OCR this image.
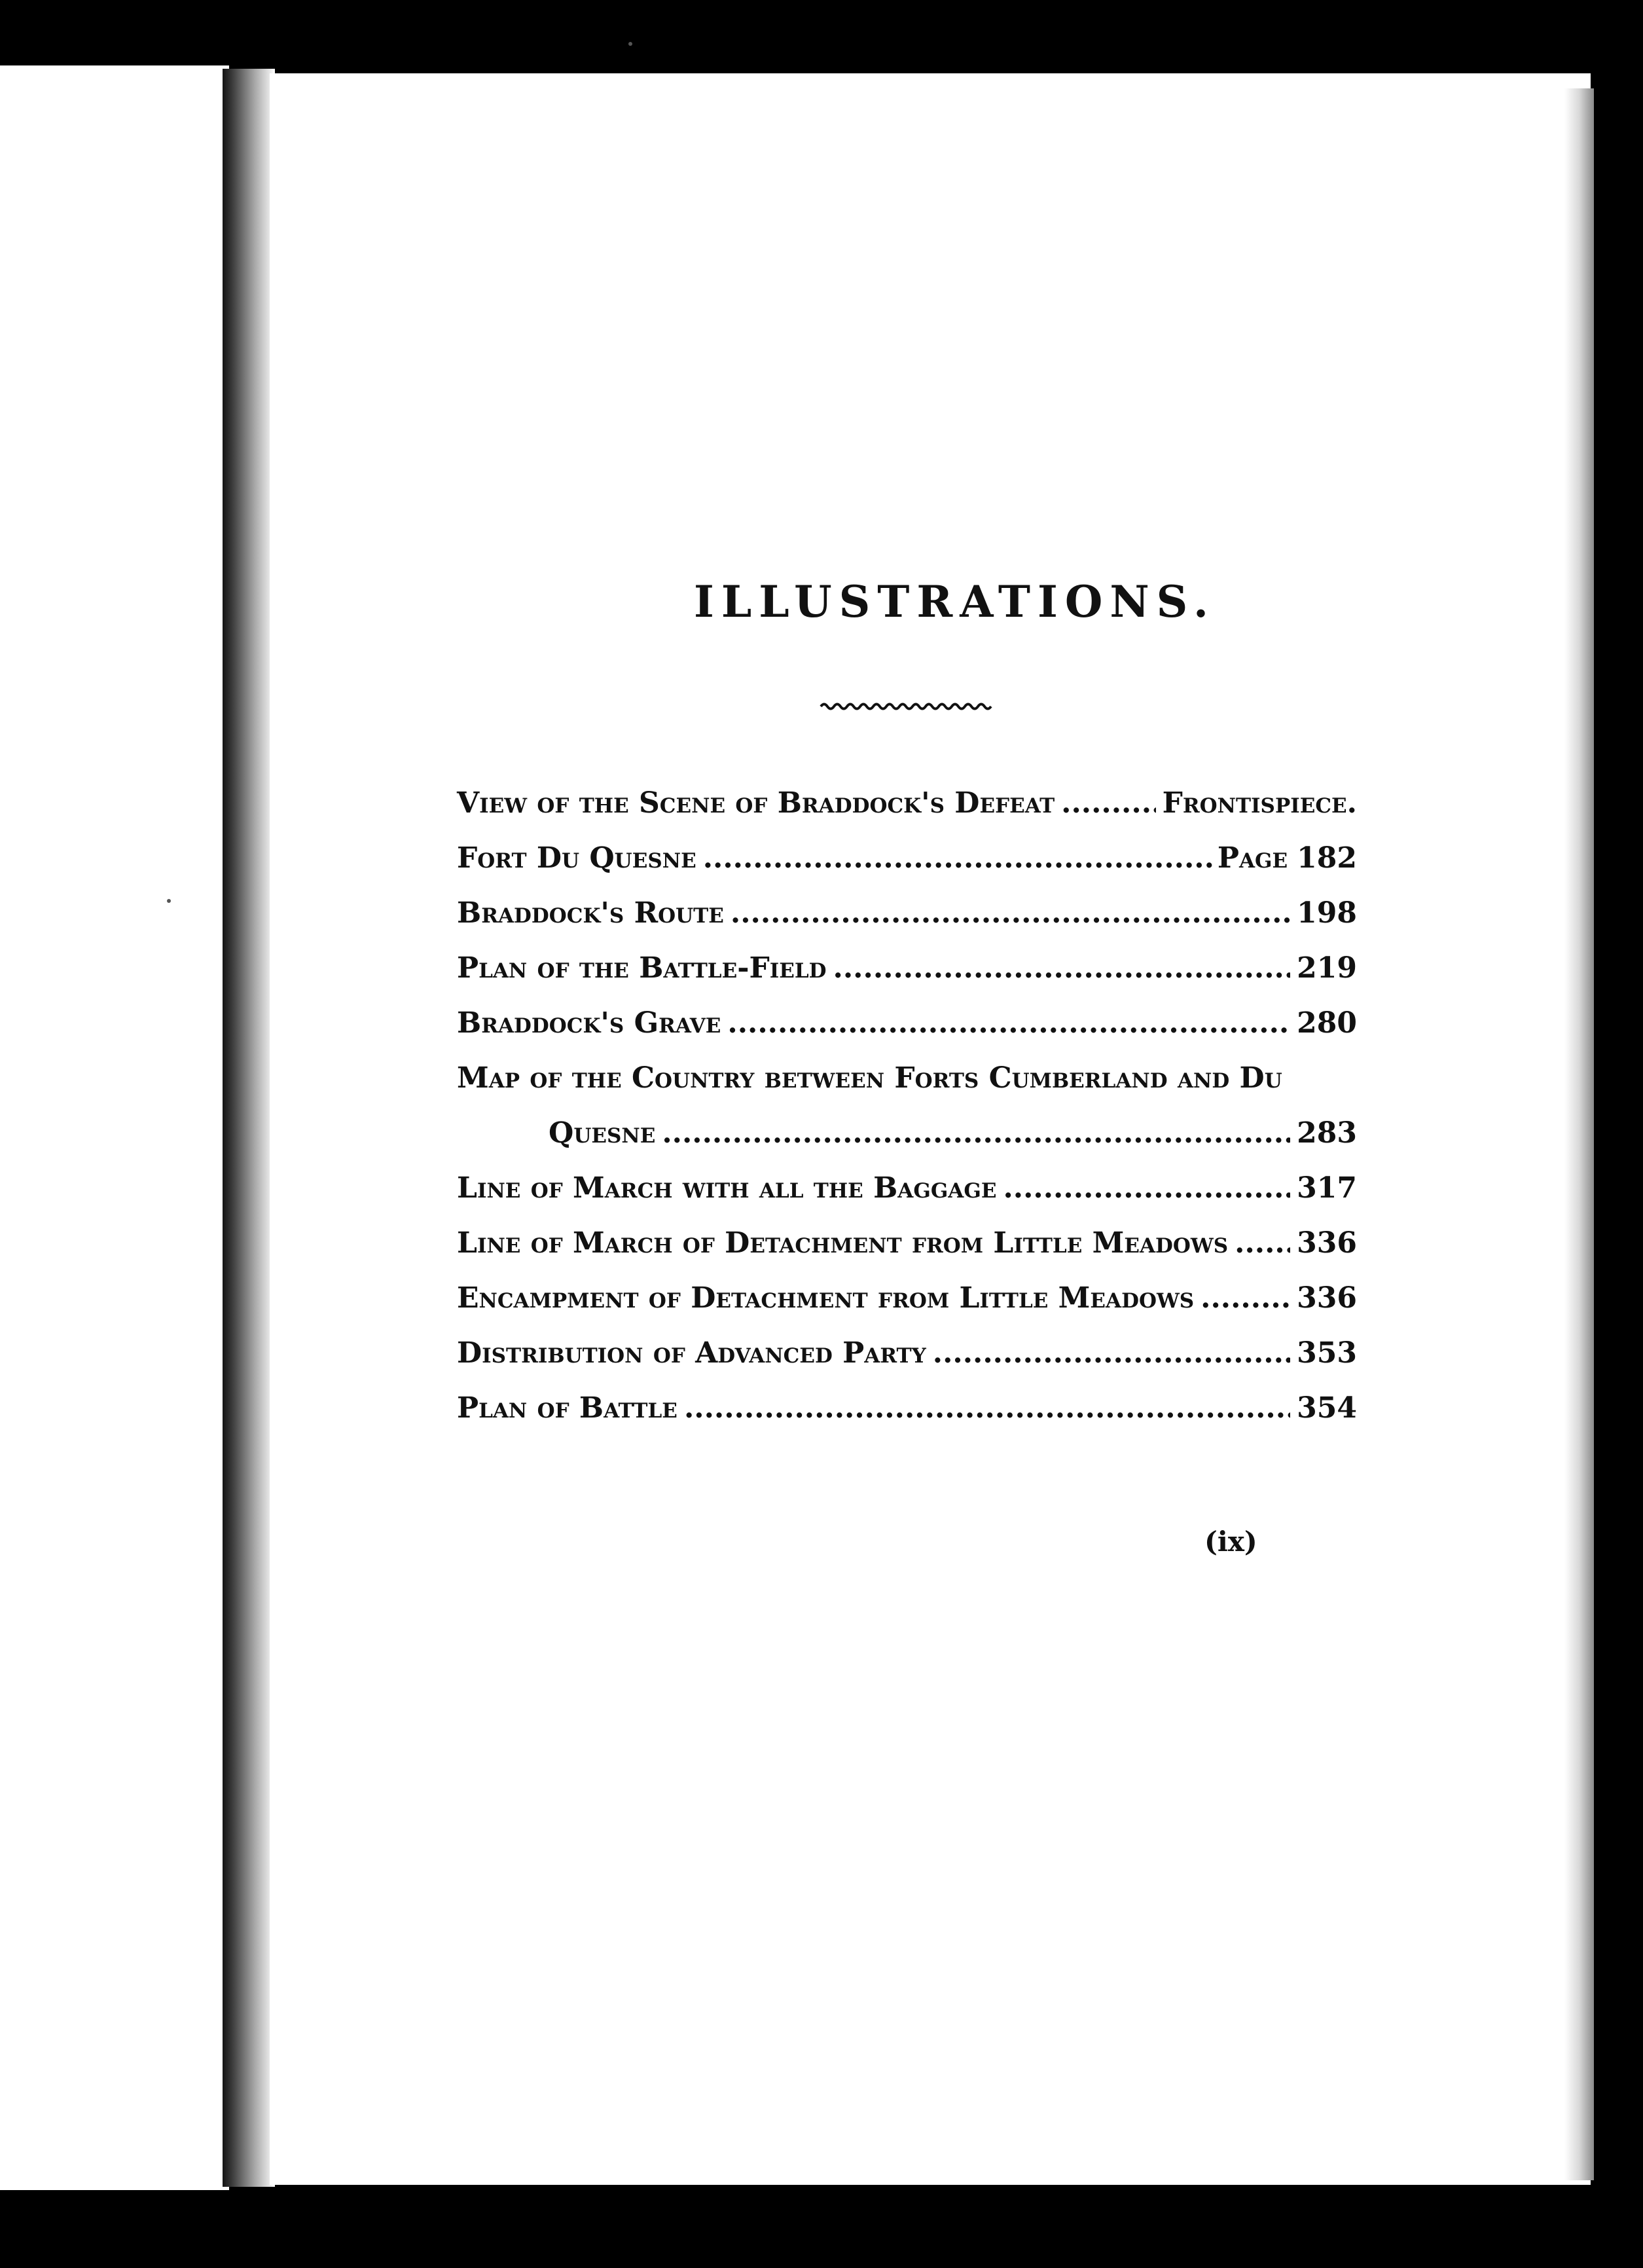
ILLUSTRATIONS.
View of the Scene of Braddock's Defeat .....	Frontispiece.
Fort Du Quesne .....	Page 182
Braddock's Route .....	198
Plan of the Battle-Field .....	219
Braddock's Grave .....	280
Map of the Country between Forts Cumberland and Du
Quesne .....	283
Line of March with all the Baggage .....	317
Line of March of Detachment from Little Meadows ..... 336
Encampment of Detachment from Little Meadows .....	336
Distribution of Advanced Party .....	353
Plan of Battle .....	354
(ix)
